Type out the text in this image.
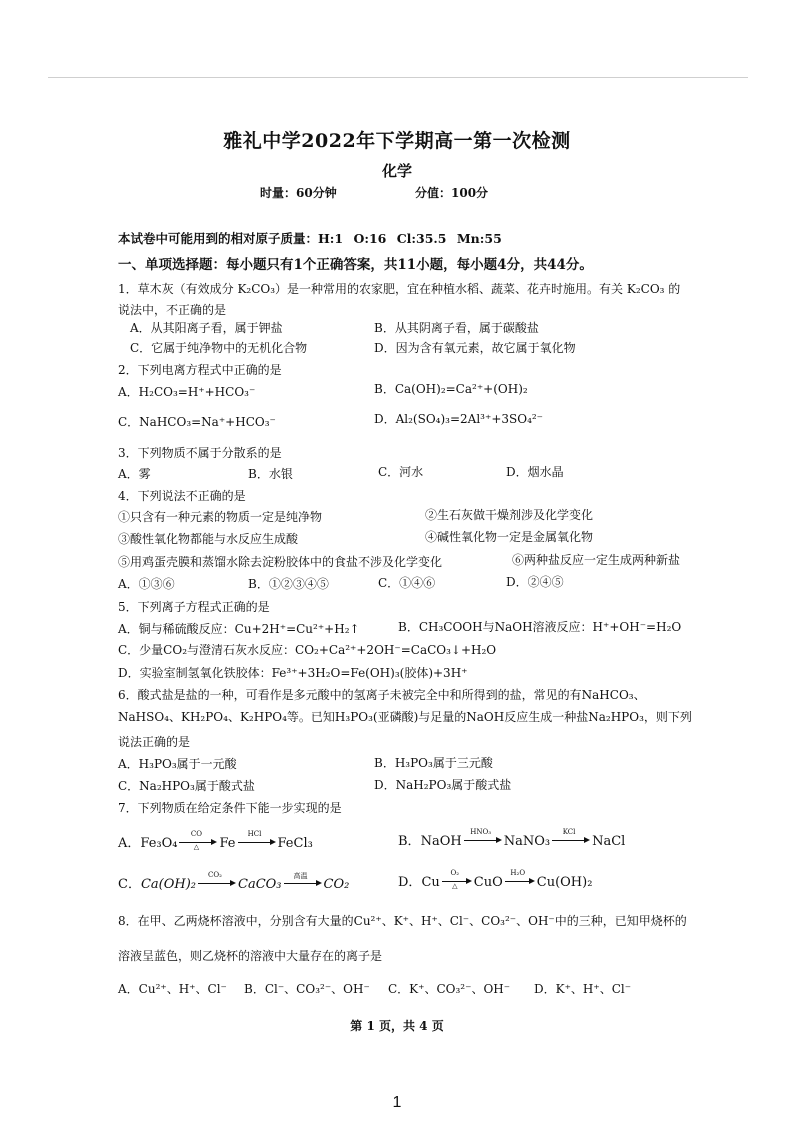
雅礼中学2022年下学期高一第一次检测
化学
时量：60分钟	分值：100分
本试卷中可能用到的相对原子质量：H:1 O:16 Cl:35.5 Mn:55
一、单项选择题：每小题只有1个正确答案，共11小题，每小题4分，共44分。
1．草木灰（有效成分 K₂CO₃）是一种常用的农家肥，宜在种植水稻、蔬菜、花卉时施用。有关 K₂CO₃ 的
说法中，不正确的是
A．从其阳离子看，属于钾盐	B．从其阴离子看，属于碳酸盐
C．它属于纯净物中的无机化合物	D．因为含有氧元素，故它属于氧化物
2．下列电离方程式中正确的是
A．H₂CO₃=H⁺+HCO₃⁻	B．Ca(OH)₂=Ca²⁺+(OH)₂
C．NaHCO₃=Na⁺+HCO₃⁻	D．Al₂(SO₄)₃=2Al³⁺+3SO₄²⁻
3．下列物质不属于分散系的是
A．雾	B．水银	C．河水	D．烟水晶
4．下列说法不正确的是
①只含有一种元素的物质一定是纯净物	②生石灰做干燥剂涉及化学变化
③酸性氧化物都能与水反应生成酸	④碱性氧化物一定是金属氧化物
⑤用鸡蛋壳膜和蒸馏水除去淀粉胶体中的食盐不涉及化学变化	⑥两种盐反应一定生成两种新盐
A．①③⑥	B．①②③④⑤	C．①④⑥	D．②④⑤
5．下列离子方程式正确的是
A．铜与稀硫酸反应：Cu+2H⁺=Cu²⁺+H₂↑	B．CH₃COOH与NaOH溶液反应：H⁺+OH⁻=H₂O
C．少量CO₂与澄清石灰水反应：CO₂+Ca²⁺+2OH⁻=CaCO₃↓+H₂O
D．实验室制氢氧化铁胶体：Fe³⁺+3H₂O=Fe(OH)₃(胶体)+3H⁺
6．酸式盐是盐的一种，可看作是多元酸中的氢离子未被完全中和所得到的盐，常见的有NaHCO₃、
NaHSO₄、KH₂PO₄、K₂HPO₄等。已知H₃PO₃(亚磷酸)与足量的NaOH反应生成一种盐Na₂HPO₃，则下列
说法正确的是
A．H₃PO₃属于一元酸	B．H₃PO₃属于三元酸
C．Na₂HPO₃属于酸式盐	D．NaH₂PO₃属于酸式盐
7．下列物质在给定条件下能一步实现的是
A．Fe₃O₄
CO
△	Fe
HCl
FeCl₃	B．NaOH
HNO₃
NaNO₃
KCl
NaCl
C．Ca(OH)₂
CO₂
CaCO₃
高温
CO₂	D．Cu
O₂
△	CuO
H₂O
Cu(OH)₂
8．在甲、乙两烧杯溶液中，分别含有大量的Cu²⁺、K⁺、H⁺、Cl⁻、CO₃²⁻、OH⁻中的三种，已知甲烧杯的
溶液呈蓝色，则乙烧杯的溶液中大量存在的离子是
A．Cu²⁺、H⁺、Cl⁻ B．Cl⁻、CO₃²⁻、OH⁻ C．K⁺、CO₃²⁻、OH⁻ D．K⁺、H⁺、Cl⁻
第 1 页，共 4 页
1
